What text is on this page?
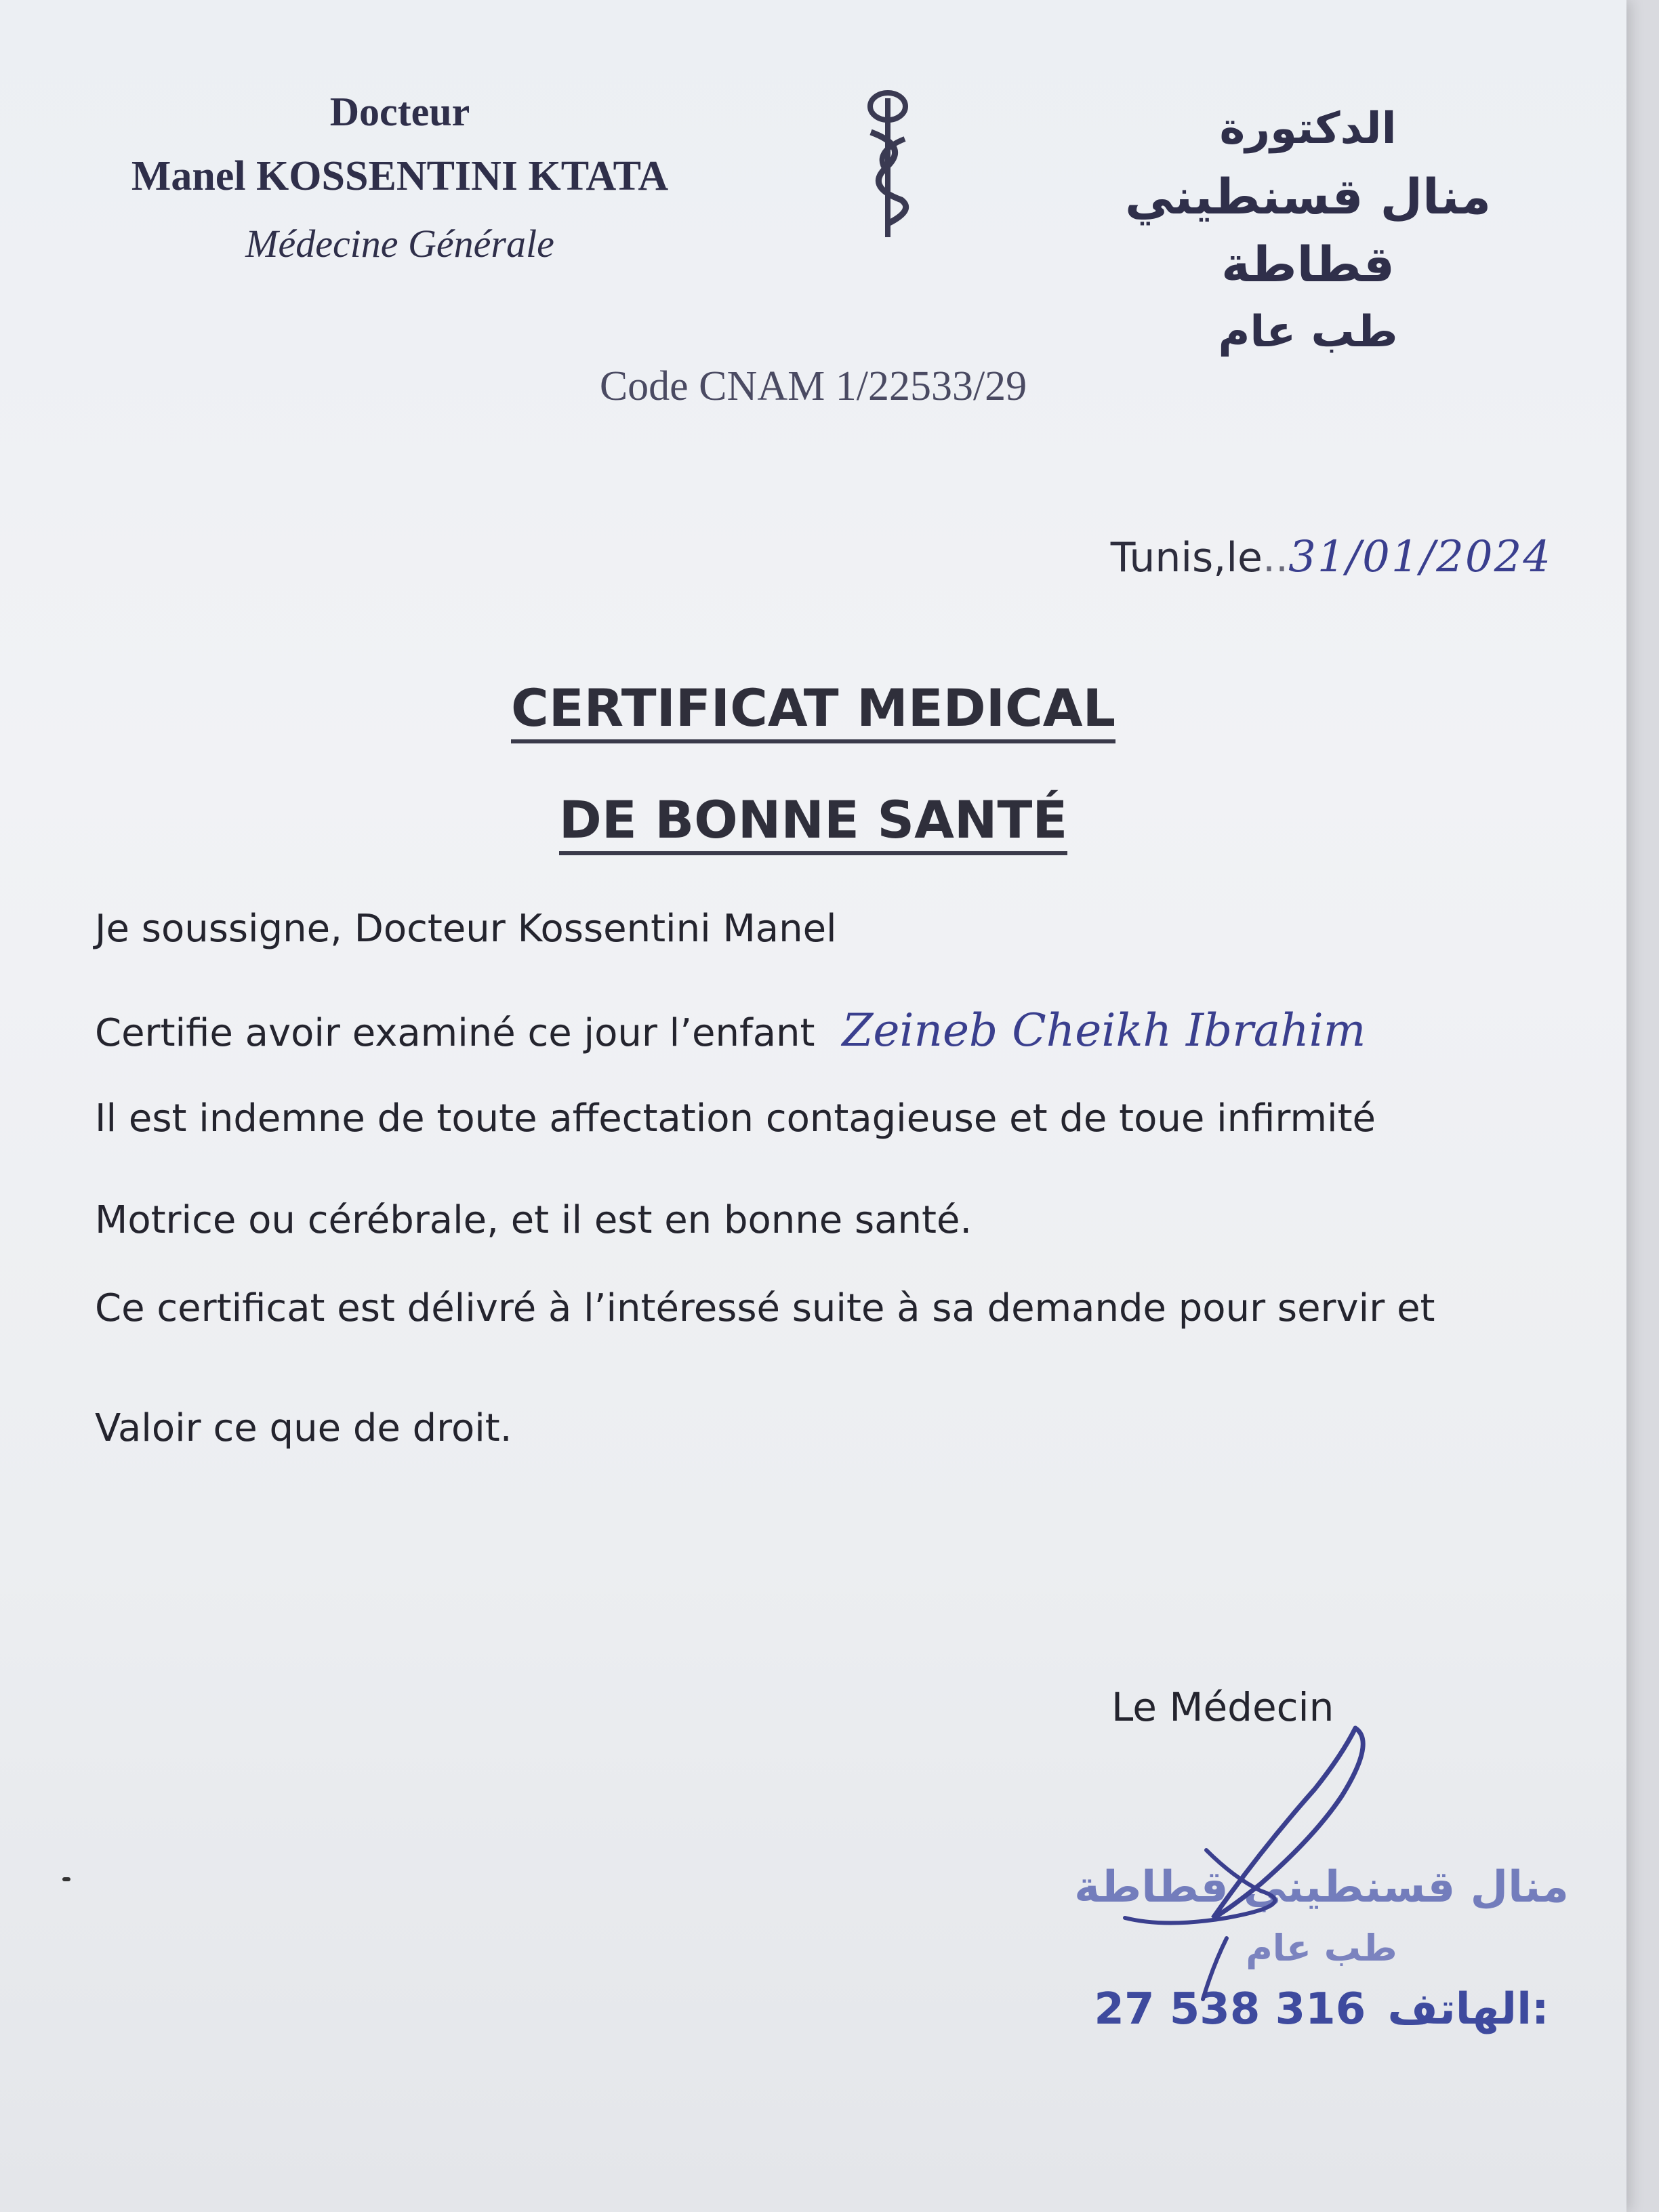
Docteur
Manel KOSSENTINI KTATA
Médecine Générale
الدكتورة
منال قسنطيني قطاطة
طب عام
Code CNAM 1/22533/29
Tunis,le..31/01/2024
CERTIFICAT MEDICAL
DE BONNE SANTÉ
Je soussigne, Docteur Kossentini Manel
Certifie avoir examiné ce jour l’enfant Zeineb Cheikh Ibrahim
Il est indemne de toute affectation contagieuse et de toue infirmité
Motrice ou cérébrale, et il est en bonne santé.
Ce certificat est délivré à l’intéressé suite à sa demande pour servir et
Valoir ce que de droit.
Le Médecin
منال قسنطيني قطاطة
طب عام
27 538 316 الهاتف:
